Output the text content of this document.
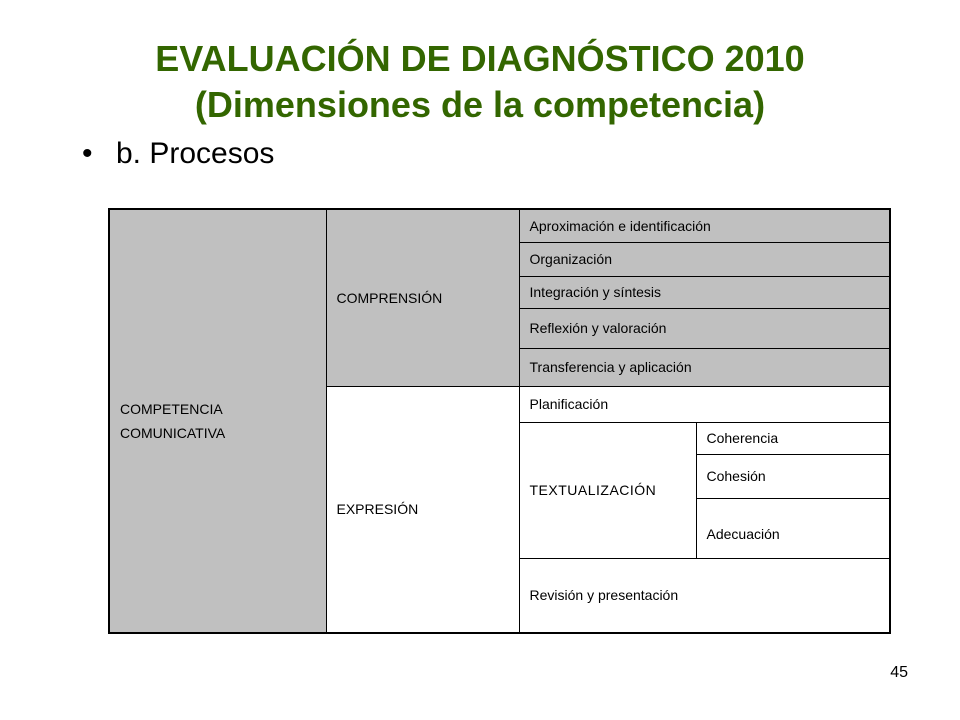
EVALUACIÓN DE DIAGNÓSTICO 2010
(Dimensiones de la competencia)
• b. Procesos
COMPETENCIA
COMUNICATIVA	COMPRENSIÓN	Aproximación e identificación	
		Organización	
		Integración y síntesis	
		Reflexión y valoración	
		Transferencia y aplicación	
	EXPRESIÓN	Planificación	
		TEXTUALIZACIÓN	Coherencia
			Cohesión
			Adecuación
		Revisión y presentación	
45
